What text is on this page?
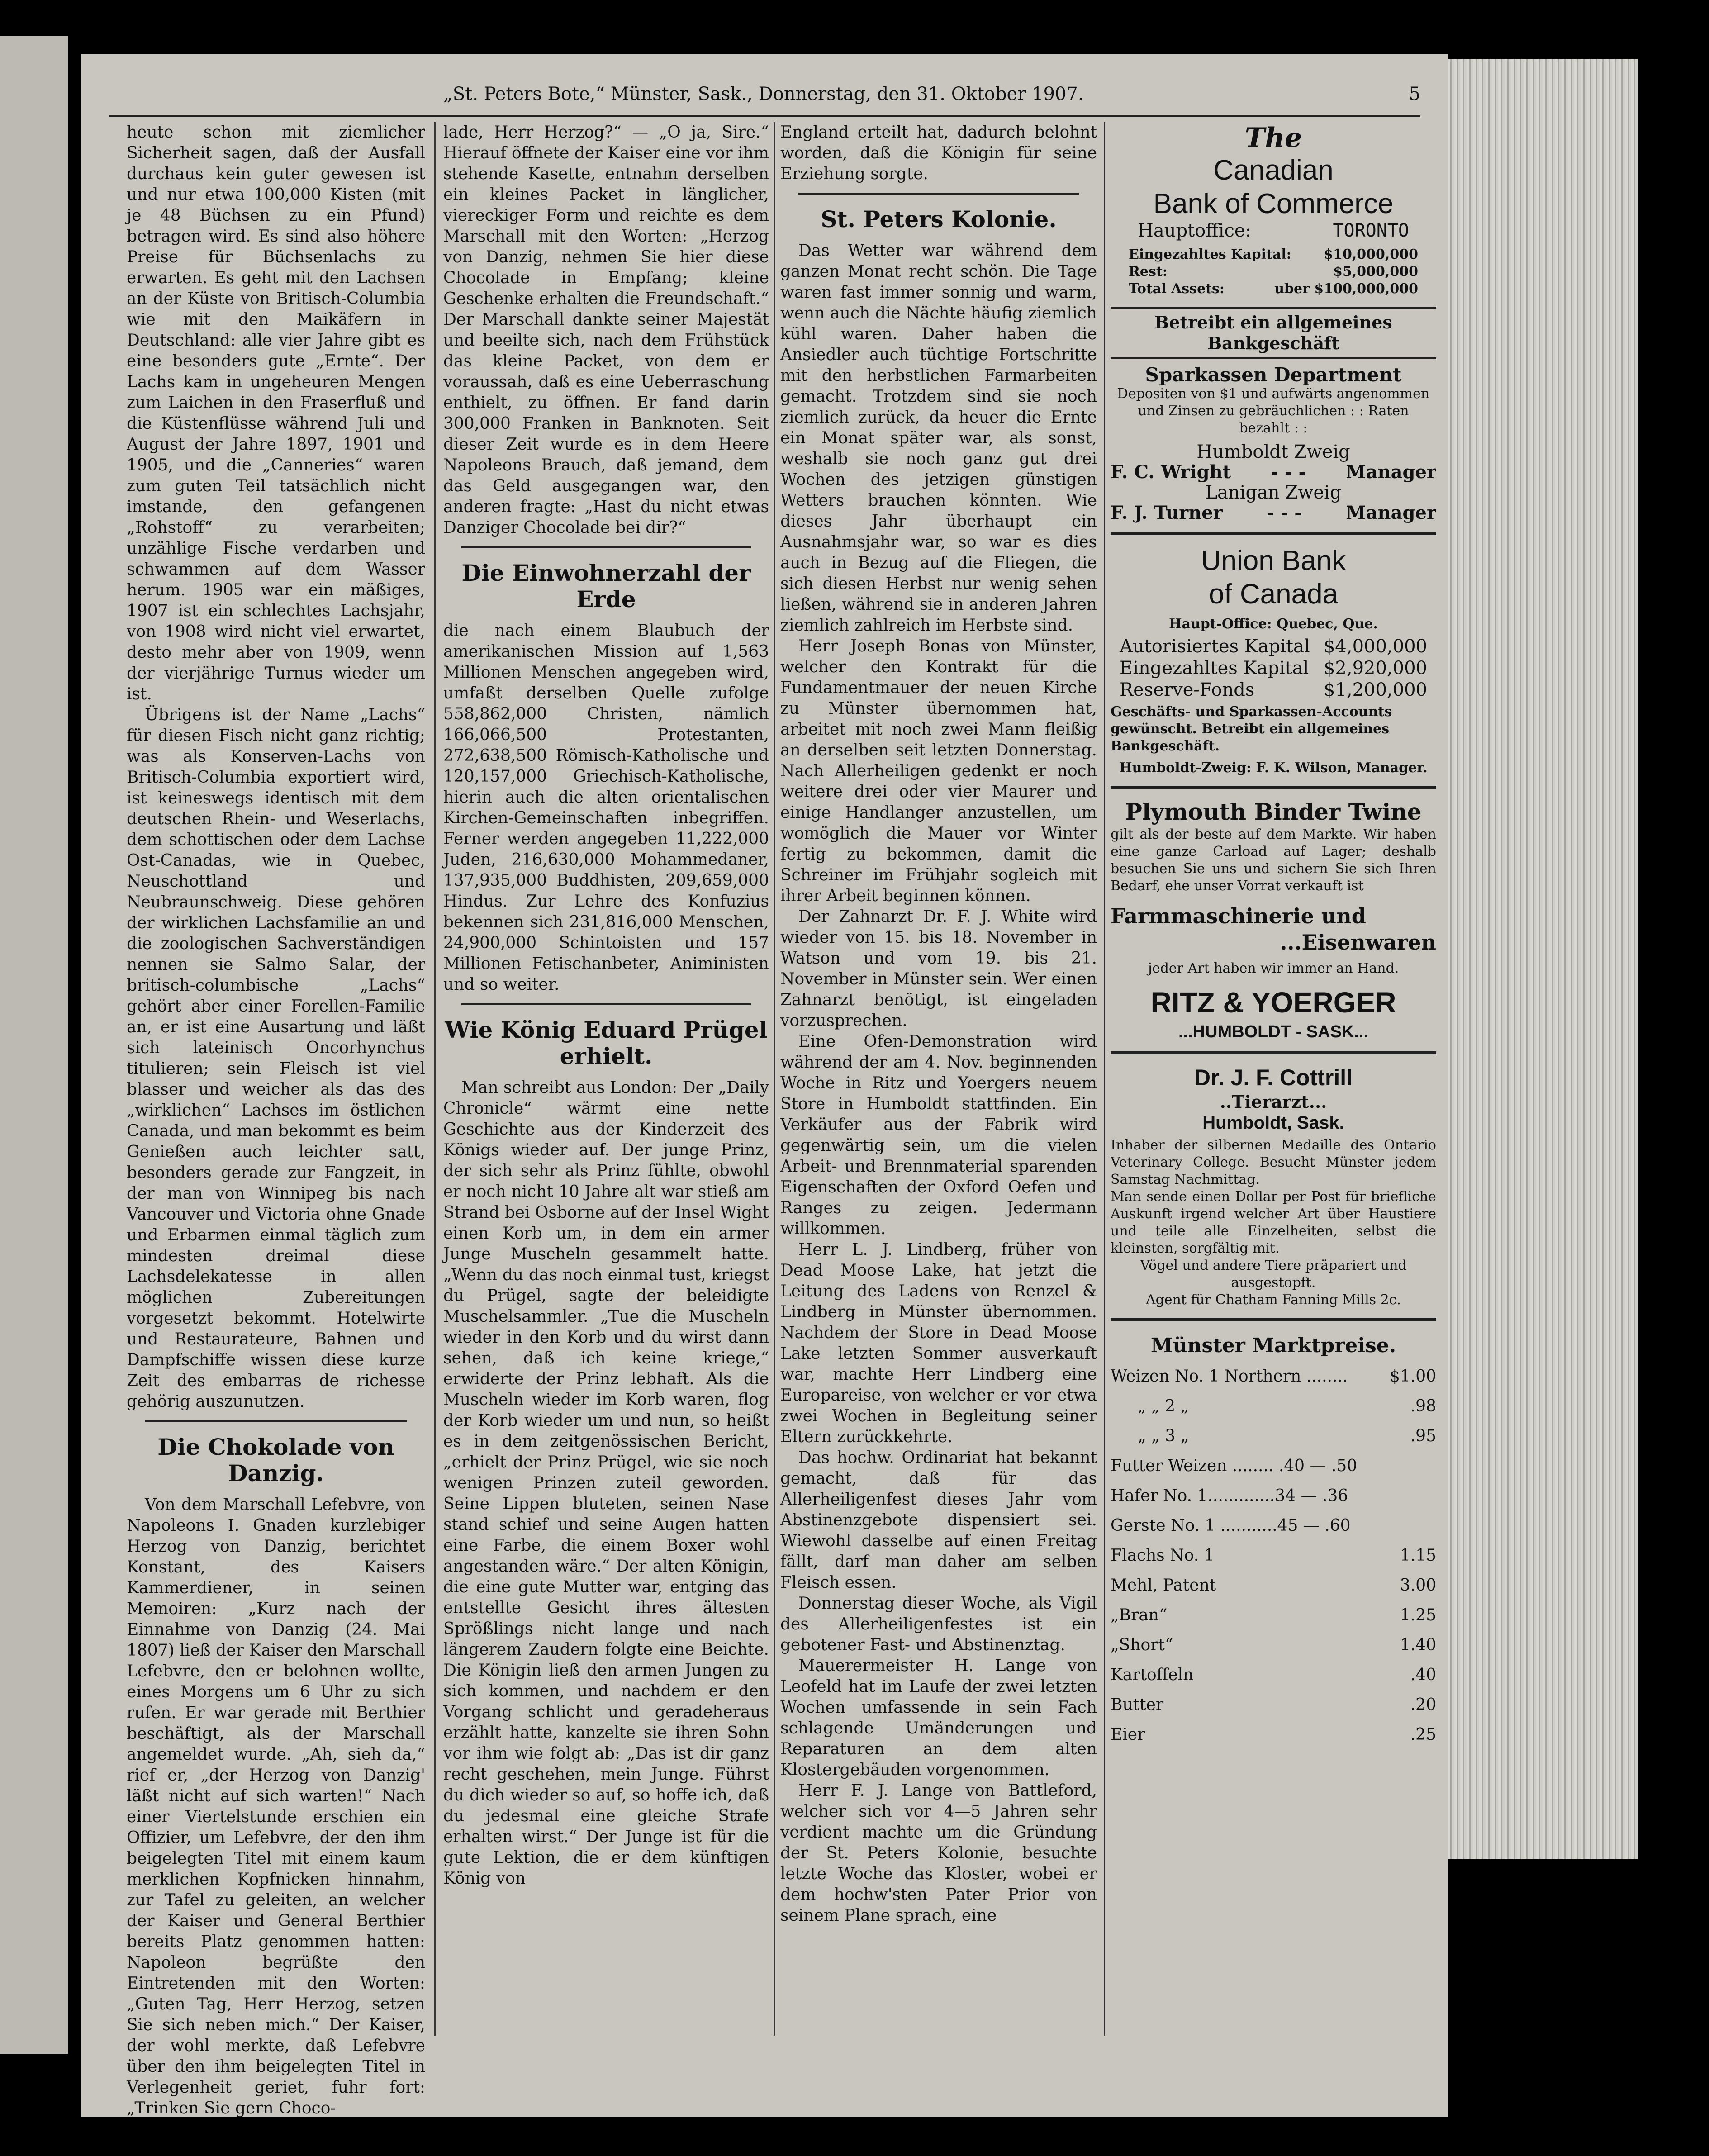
„St. Peters Bote,“ Münster, Sask., Donnerstag, den 31. Oktober 1907.	5

heute schon mit ziemlicher Sicherheit sagen, daß der Ausfall durchaus kein guter gewesen ist und nur etwa 100,000 Kisten (mit je 48 Büchsen zu ein Pfund) betragen wird. Es sind also höhere Preise für Büchsenlachs zu erwarten. Es geht mit den Lachsen an der Küste von Britisch-Columbia wie mit den Maikäfern in Deutschland: alle vier Jahre gibt es eine besonders gute „Ernte“. Der Lachs kam in ungeheuren Mengen zum Laichen in den Fraserfluß und die Küstenflüsse während Juli und August der Jahre 1897, 1901 und 1905, und die „Canneries“ waren zum guten Teil tatsächlich nicht imstande, den gefangenen „Rohstoff“ zu verarbeiten; unzählige Fische verdarben und schwammen auf dem Wasser herum. 1905 war ein mäßiges, 1907 ist ein schlechtes Lachsjahr, von 1908 wird nicht viel erwartet, desto mehr aber von 1909, wenn der vierjährige Turnus wieder um ist.

Übrigens ist der Name „Lachs“ für diesen Fisch nicht ganz richtig; was als Konserven-Lachs von Britisch-Columbia exportiert wird, ist keineswegs identisch mit dem deutschen Rhein- und Weserlachs, dem schottischen oder dem Lachse Ost-Canadas, wie in Quebec, Neuschottland und Neubraunschweig. Diese gehören der wirklichen Lachsfamilie an und die zoologischen Sachverständigen nennen sie Salmo Salar, der britisch-columbische „Lachs“ gehört aber einer Forellen-Familie an, er ist eine Ausartung und läßt sich lateinisch Oncorhynchus titulieren; sein Fleisch ist viel blasser und weicher als das des „wirklichen“ Lachses im östlichen Canada, und man bekommt es beim Genießen auch leichter satt, besonders gerade zur Fangzeit, in der man von Winnipeg bis nach Vancouver und Victoria ohne Gnade und Erbarmen einmal täglich zum mindesten dreimal diese Lachsdelekatesse in allen möglichen Zubereitungen vorgesetzt bekommt. Hotelwirte und Restaurateure, Bahnen und Dampfschiffe wissen diese kurze Zeit des embarras de richesse gehörig auszunutzen.

Die Chokolade von Danzig.

Von dem Marschall Lefebvre, von Napoleons I. Gnaden kurzlebiger Herzog von Danzig, berichtet Konstant, des Kaisers Kammerdiener, in seinen Memoiren: „Kurz nach der Einnahme von Danzig (24. Mai 1807) ließ der Kaiser den Marschall Lefebvre, den er belohnen wollte, eines Morgens um 6 Uhr zu sich rufen. Er war gerade mit Berthier beschäftigt, als der Marschall angemeldet wurde. „Ah, sieh da,“ rief er, „der Herzog von Danzig' läßt nicht auf sich warten!“ Nach einer Viertelstunde erschien ein Offizier, um Lefebvre, der den ihm beigelegten Titel mit einem kaum merklichen Kopfnicken hinnahm, zur Tafel zu geleiten, an welcher der Kaiser und General Berthier bereits Platz genommen hatten: Napoleon begrüßte den Eintretenden mit den Worten: „Guten Tag, Herr Herzog, setzen Sie sich neben mich.“ Der Kaiser, der wohl merkte, daß Lefebvre über den ihm beigelegten Titel in Verlegenheit geriet, fuhr fort: „Trinken Sie gern Choco-

lade, Herr Herzog?“ — „O ja, Sire.“ Hierauf öffnete der Kaiser eine vor ihm stehende Kasette, entnahm derselben ein kleines Packet in länglicher, viereckiger Form und reichte es dem Marschall mit den Worten: „Herzog von Danzig, nehmen Sie hier diese Chocolade in Empfang; kleine Geschenke erhalten die Freundschaft.“ Der Marschall dankte seiner Majestät und beeilte sich, nach dem Frühstück das kleine Packet, von dem er voraussah, daß es eine Ueberraschung enthielt, zu öffnen. Er fand darin 300,000 Franken in Banknoten. Seit dieser Zeit wurde es in dem Heere Napoleons Brauch, daß jemand, dem das Geld ausgegangen war, den anderen fragte: „Hast du nicht etwas Danziger Chocolade bei dir?“

Die Einwohnerzahl der Erde

die nach einem Blaubuch der amerikanischen Mission auf 1,563 Millionen Menschen angegeben wird, umfaßt derselben Quelle zufolge 558,862,000 Christen, nämlich 166,066,500 Protestanten, 272,638,500 Römisch-Katholische und 120,157,000 Griechisch-Katholische, hierin auch die alten orientalischen Kirchen-Gemeinschaften inbegriffen. Ferner werden angegeben 11,222,000 Juden, 216,630,000 Mohammedaner, 137,935,000 Buddhisten, 209,659,000 Hindus. Zur Lehre des Konfuzius bekennen sich 231,816,000 Menschen, 24,900,000 Schintoisten und 157 Millionen Fetischanbeter, Aniministen und so weiter.

Wie König Eduard Prügel erhielt.

Man schreibt aus London: Der „Daily Chronicle“ wärmt eine nette Geschichte aus der Kinderzeit des Königs wieder auf. Der junge Prinz, der sich sehr als Prinz fühlte, obwohl er noch nicht 10 Jahre alt war stieß am Strand bei Osborne auf der Insel Wight einen Korb um, in dem ein armer Junge Muscheln gesammelt hatte. „Wenn du das noch einmal tust, kriegst du Prügel, sagte der beleidigte Muschelsammler. „Tue die Muscheln wieder in den Korb und du wirst dann sehen, daß ich keine kriege,“ erwiderte der Prinz lebhaft. Als die Muscheln wieder im Korb waren, flog der Korb wieder um und nun, so heißt es in dem zeitgenössischen Bericht, „erhielt der Prinz Prügel, wie sie noch wenigen Prinzen zuteil geworden. Seine Lippen bluteten, seinen Nase stand schief und seine Augen hatten eine Farbe, die einem Boxer wohl angestanden wäre.“ Der alten Königin, die eine gute Mutter war, entging das entstellte Gesicht ihres ältesten Sprößlings nicht lange und nach längerem Zaudern folgte eine Beichte. Die Königin ließ den armen Jungen zu sich kommen, und nachdem er den Vorgang schlicht und geradeheraus erzählt hatte, kanzelte sie ihren Sohn vor ihm wie folgt ab: „Das ist dir ganz recht geschehen, mein Junge. Führst du dich wieder so auf, so hoffe ich, daß du jedesmal eine gleiche Strafe erhalten wirst.“ Der Junge ist für die gute Lektion, die er dem künftigen König von

England erteilt hat, dadurch belohnt worden, daß die Königin für seine Erziehung sorgte.

St. Peters Kolonie.

Das Wetter war während dem ganzen Monat recht schön. Die Tage waren fast immer sonnig und warm, wenn auch die Nächte häufig ziemlich kühl waren. Daher haben die Ansiedler auch tüchtige Fortschritte mit den herbstlichen Farmarbeiten gemacht. Trotzdem sind sie noch ziemlich zurück, da heuer die Ernte ein Monat später war, als sonst, weshalb sie noch ganz gut drei Wochen des jetzigen günstigen Wetters brauchen könnten. Wie dieses Jahr überhaupt ein Ausnahmsjahr war, so war es dies auch in Bezug auf die Fliegen, die sich diesen Herbst nur wenig sehen ließen, während sie in anderen Jahren ziemlich zahlreich im Herbste sind.

Herr Joseph Bonas von Münster, welcher den Kontrakt für die Fundamentmauer der neuen Kirche zu Münster übernommen hat, arbeitet mit noch zwei Mann fleißig an derselben seit letzten Donnerstag. Nach Allerheiligen gedenkt er noch weitere drei oder vier Maurer und einige Handlanger anzustellen, um womöglich die Mauer vor Winter fertig zu bekommen, damit die Schreiner im Frühjahr sogleich mit ihrer Arbeit beginnen können.

Der Zahnarzt Dr. F. J. White wird wieder von 15. bis 18. November in Watson und vom 19. bis 21. November in Münster sein. Wer einen Zahnarzt benötigt, ist eingeladen vorzusprechen.

Eine Ofen-Demonstration wird während der am 4. Nov. beginnenden Woche in Ritz und Yoergers neuem Store in Humboldt stattfinden. Ein Verkäufer aus der Fabrik wird gegenwärtig sein, um die vielen Arbeit- und Brennmaterial sparenden Eigenschaften der Oxford Oefen und Ranges zu zeigen. Jedermann willkommen.

Herr L. J. Lindberg, früher von Dead Moose Lake, hat jetzt die Leitung des Ladens von Renzel & Lindberg in Münster übernommen. Nachdem der Store in Dead Moose Lake letzten Sommer ausverkauft war, machte Herr Lindberg eine Europareise, von welcher er vor etwa zwei Wochen in Begleitung seiner Eltern zurückkehrte.

Das hochw. Ordinariat hat bekannt gemacht, daß für das Allerheiligenfest dieses Jahr vom Abstinenzgebote dispensiert sei. Wiewohl dasselbe auf einen Freitag fällt, darf man daher am selben Fleisch essen.

Donnerstag dieser Woche, als Vigil des Allerheiligenfestes ist ein gebotener Fast- und Abstinenztag.

Mauerermeister H. Lange von Leofeld hat im Laufe der zwei letzten Wochen umfassende in sein Fach schlagende Umänderungen und Reparaturen an dem alten Klostergebäuden vorgenommen.

Herr F. J. Lange von Battleford, welcher sich vor 4—5 Jahren sehr verdient machte um die Gründung der St. Peters Kolonie, besuchte letzte Woche das Kloster, wobei er dem hochw'sten Pater Prior von seinem Plane sprach, eine

The
Canadian
Bank of Commerce
Hauptoffice:	TORONTO
Eingezahltes Kapital: $10,000,000
Rest:	$5,000,000
Total Assets:	uber $100,000,000
Betreibt ein allgemeines Bankgeschäft
Sparkassen Department
Depositen von $1 und aufwärts angenommen und Zinsen zu gebräuchlichen : : Raten bezahlt : :
Humboldt Zweig
F. C. Wright - - - Manager
Lanigan Zweig
F. J. Turner - - - Manager
Union Bank
of Canada
Haupt-Office: Quebec, Que.
Autorisiertes Kapital $4,000,000
Eingezahltes Kapital $2,920,000
Reserve-Fonds	$1,200,000
Geschäfts- und Sparkassen-Accounts gewünscht. Betreibt ein allgemeines Bankgeschäft.
Humboldt-Zweig: F. K. Wilson, Manager.
Plymouth Binder Twine
gilt als der beste auf dem Markte. Wir haben eine ganze Carload auf Lager; deshalb besuchen Sie uns und sichern Sie sich Ihren Bedarf, ehe unser Vorrat verkauft ist
Farmmaschinerie und
...Eisenwaren
jeder Art haben wir immer an Hand.
RITZ & YOERGER
...HUMBOLDT - SASK...
Dr. J. F. Cottrill
..Tierarzt...
Humboldt, Sask.
Inhaber der silbernen Medaille des Ontario Veterinary College. Besucht Münster jedem Samstag Nachmittag.
Man sende einen Dollar per Post für briefliche Auskunft irgend welcher Art über Haustiere und teile alle Einzelheiten, selbst die kleinsten, sorgfältig mit.
Vögel und andere Tiere präpariert und ausgestopft.
Agent für Chatham Fanning Mills 2c.
Münster Marktpreise.
Weizen No. 1 Northern ........	$1.00
„ „ 2 „	.98
„ „ 3 „	.95
Futter Weizen ........ .40 — .50
Hafer No. 1.............34 — .36
Gerste No. 1 ...........45 — .60
Flachs No. 1	1.15
Mehl, Patent	3.00
„Bran“	1.25
„Short“	1.40
Kartoffeln	.40
Butter	.20
Eier	.25
